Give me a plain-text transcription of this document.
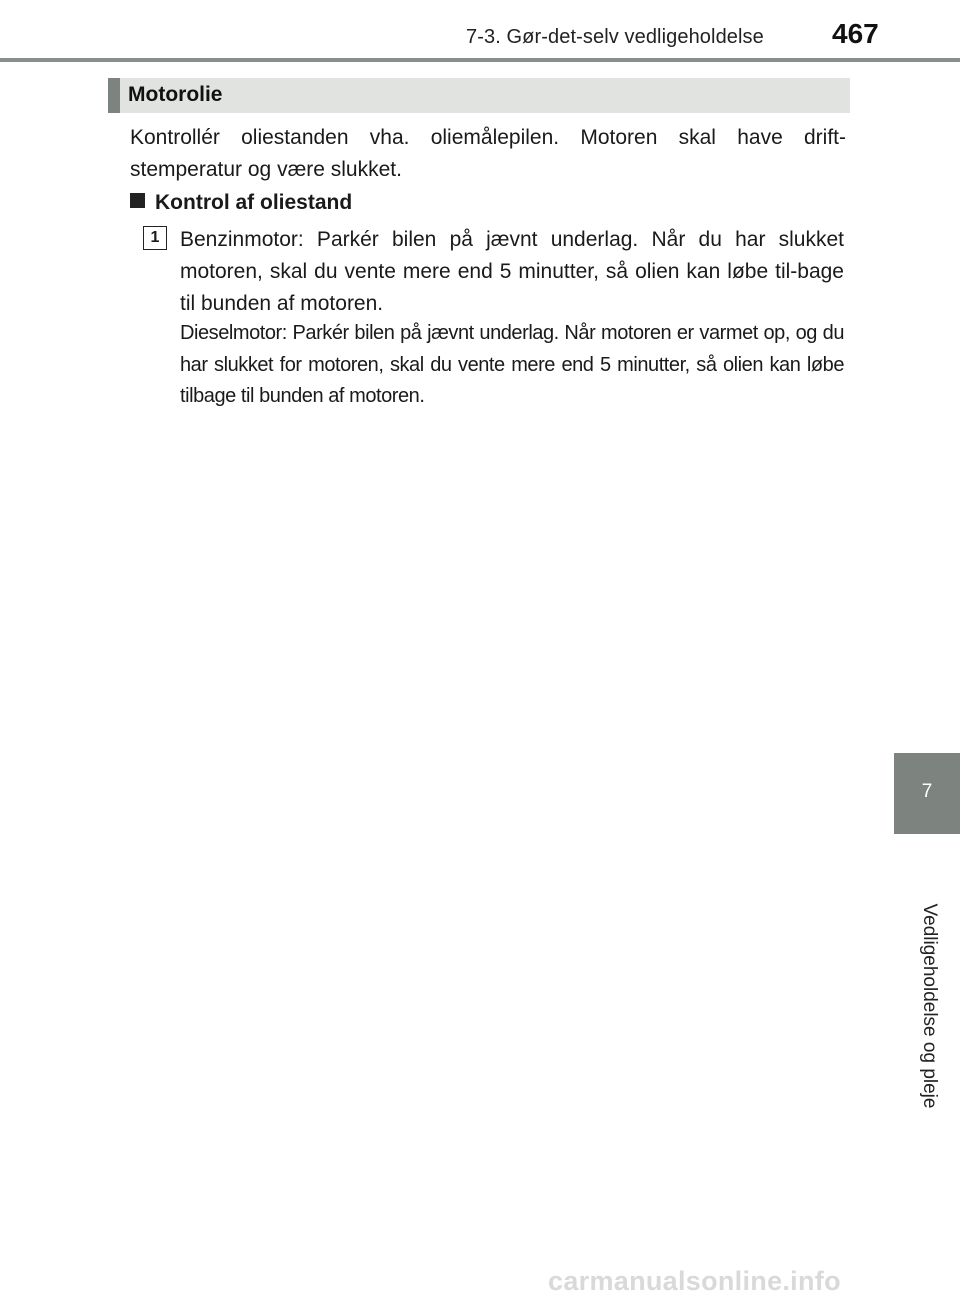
7-3. Gør-det-selv vedligeholdelse 467
Motorolie

Kontrollér oliestanden vha. oliemålepilen. Motoren skal have drift-stemperatur og være slukket.

Kontrol af oliestand
1 Benzinmotor: Parkér bilen på jævnt underlag. Når du har slukket motoren, skal du vente mere end 5 minutter, så olien kan løbe til-bage til bunden af motoren.

Dieselmotor: Parkér bilen på jævnt underlag. Når motoren er varmet op, og du har slukket for motoren, skal du vente mere end 5 minutter, så olien kan løbe tilbage til bunden af motoren.

7
Vedligeholdelse og pleje
carmanualsonline.info
